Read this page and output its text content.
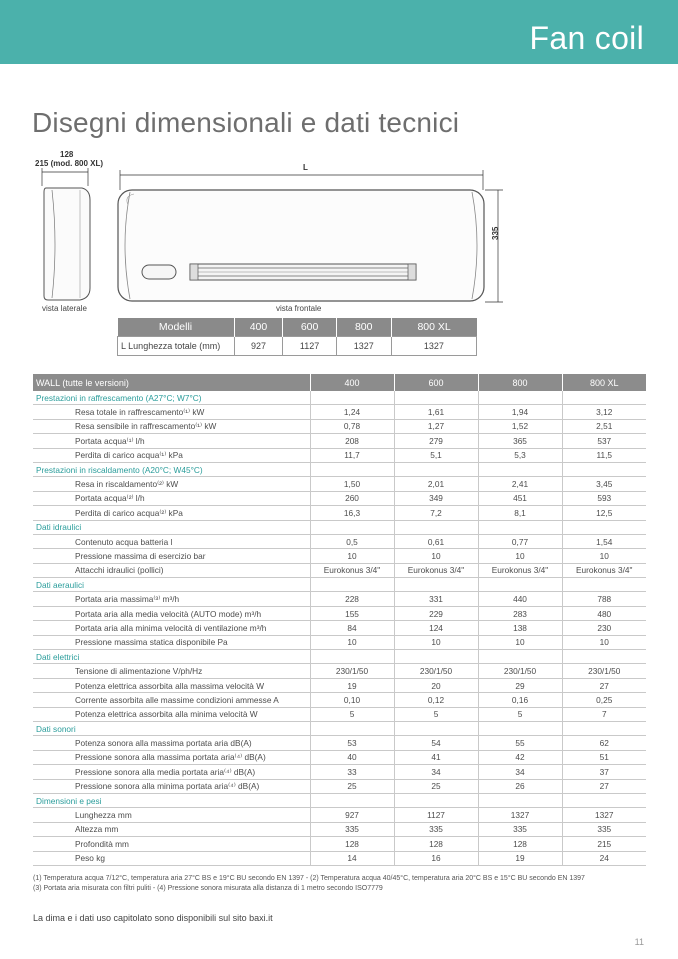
Fan coil
Disegni dimensionali e dati tecnici
128
215 (mod. 800 XL)	L
335
vista laterale	vista frontale
Modelli	400	600	800	800 XL
L Lunghezza totale (mm)	927	1127	1327	1327
WALL (tutte le versioni)	400	600	800	800 XL
Prestazioni in raffrescamento (A27°C; W7°C)				
Resa totale in raffrescamento⁽¹⁾ kW	1,24	1,61	1,94	3,12
Resa sensibile in raffrescamento⁽¹⁾ kW	0,78	1,27	1,52	2,51
Portata acqua⁽¹⁾ l/h	208	279	365	537
Perdita di carico acqua⁽¹⁾ kPa	11,7	5,1	5,3	11,5
Prestazioni in riscaldamento (A20°C; W45°C)				
Resa in riscaldamento⁽²⁾ kW	1,50	2,01	2,41	3,45
Portata acqua⁽²⁾ l/h	260	349	451	593
Perdita di carico acqua⁽²⁾ kPa	16,3	7,2	8,1	12,5
Dati idraulici				
Contenuto acqua batteria l	0,5	0,61	0,77	1,54
Pressione massima di esercizio bar	10	10	10	10
Attacchi idraulici (pollici)	Eurokonus 3/4"	Eurokonus 3/4"	Eurokonus 3/4"	Eurokonus 3/4"
Dati aeraulici				
Portata aria massima⁽³⁾ m³/h	228	331	440	788
Portata aria alla media velocità (AUTO mode) m³/h	155	229	283	480
Portata aria alla minima velocità di ventilazione m³/h	84	124	138	230
Pressione massima statica disponibile Pa	10	10	10	10
Dati elettrici				
Tensione di alimentazione V/ph/Hz	230/1/50	230/1/50	230/1/50	230/1/50
Potenza elettrica assorbita alla massima velocità W	19	20	29	27
Corrente assorbita alle massime condizioni ammesse A	0,10	0,12	0,16	0,25
Potenza elettrica assorbita alla minima velocità W	5	5	5	7
Dati sonori				
Potenza sonora alla massima portata aria dB(A)	53	54	55	62
Pressione sonora alla massima portata aria⁽⁴⁾ dB(A)	40	41	42	51
Pressione sonora alla media portata aria⁽⁴⁾ dB(A)	33	34	34	37
Pressione sonora alla minima portata aria⁽⁴⁾ dB(A)	25	25	26	27
Dimensioni e pesi				
Lunghezza mm	927	1127	1327	1327
Altezza mm	335	335	335	335
Profondità mm	128	128	128	215
Peso kg	14	16	19	24
(1) Temperatura acqua 7/12°C, temperatura aria 27°C BS e 19°C BU secondo EN 1397 - (2) Temperatura acqua 40/45°C, temperatura aria 20°C BS e 15°C BU secondo EN 1397
(3) Portata aria misurata con filtri puliti - (4) Pressione sonora misurata alla distanza di 1 metro secondo ISO7779
La dima e i dati uso capitolato sono disponibili sul sito baxi.it
11
